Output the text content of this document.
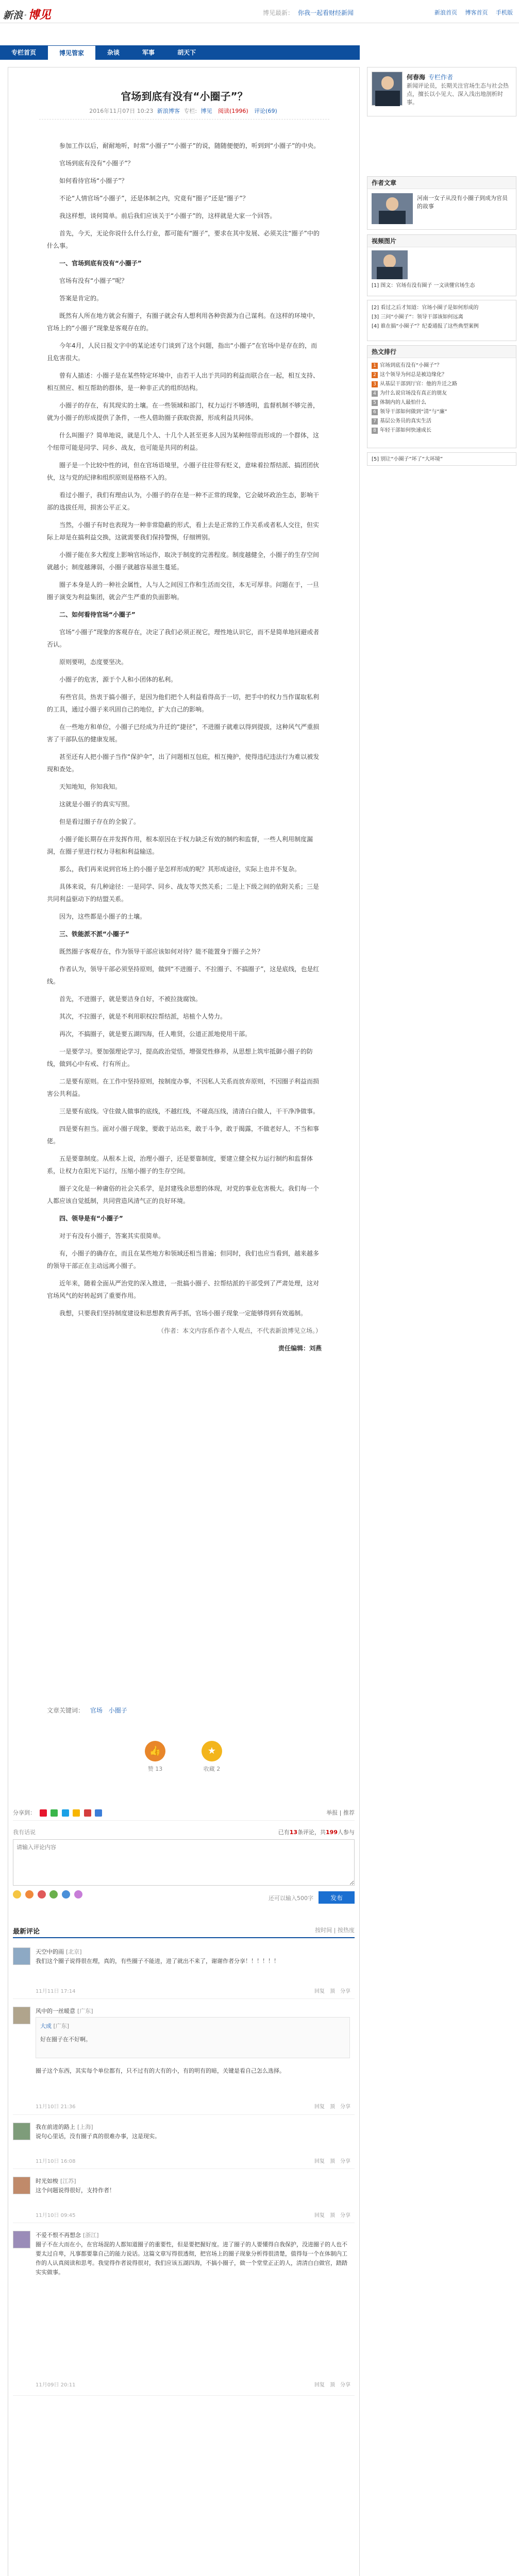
新浪 ·博见	博见最新： 你我一起看财经新闻	新浪首页 博客首页 手机版
专栏首页	博见管家	杂谈	军事	胡天下
官场到底有没有“小圈子”？
2016年11月07日 10:23 新浪博客 专栏: 博见 阅读(1996) 评论(69)

参加工作以后，耐耐地听，时常“小圈子”“小圈子”的说，随随便便的，听到到“小圈子”的中央。

官场到底有没有“小圈子”？

如何看待官场“小圈子”？

不论“人情官场”小圈子”，还是体制之内，究竟有“圈子”还是“圈子”？

我这样想，谈何简单。前后我们应该关于“小圈子”的，这样就是大家一个回答。

首先，今天，无论你说什么什么行业，都可能有“圈子”，要求在其中发展、必须关注“圈子”中的什么事。

一、官场到底有没有“小圈子”

官场有没有“小圈子”呢？

答案是肯定的。

既然有人所在地方就会有圈子，有圈子就会有人想利用各种资源为自己谋利。在这样的环境中，官场上的“小圈子”现象是客观存在的。

今年4月，人民日报文字中的某论述专门谈到了这个问题，指出“小圈子”在官场中是存在的，而且危害很大。

曾有人描述：小圈子是在某些特定环境中，由若干人出于共同的利益而联合在一起，相互支持、相互照应、相互帮助的群体，是一种非正式的组织结构。

小圈子的存在，有其现实的土壤。在一些领域和部门，权力运行不够透明，监督机制不够完善，就为小圈子的形成提供了条件，一些人借助圈子获取资源，形成利益共同体。

什么叫圈子？简单地说，就是几个人、十几个人甚至更多人因为某种纽带而形成的一个群体，这个纽带可能是同学、同乡、战友，也可能是共同的利益。

圈子是一个比较中性的词，但在官场语境里，小圈子往往带有贬义，意味着拉帮结派、搞团团伙伙，这与党的纪律和组织原则是格格不入的。

看过小圈子，我们有理由认为，小圈子的存在是一种不正常的现象，它会破坏政治生态，影响干部的选拔任用，损害公平正义。

当然，小圈子有时也表现为一种非常隐蔽的形式，看上去是正常的工作关系或者私人交往，但实际上却是在搞利益交换，这就需要我们保持警惕，仔细辨别。

小圈子能在多大程度上影响官场运作，取决于制度的完善程度。制度越健全，小圈子的生存空间就越小；制度越薄弱，小圈子就越容易滋生蔓延。

圈子本身是人的一种社会属性，人与人之间因工作和生活而交往，本无可厚非。问题在于，一旦圈子演变为利益集团，就会产生严重的负面影响。

二、如何看待官场“小圈子”

官场“小圈子”现象的客观存在，决定了我们必须正视它，理性地认识它，而不是简单地回避或者否认。

原则要明，态度要坚决。

小圈子的危害，源于个人和小团体的私利。

有些官员，热衷于搞小圈子，是因为他们把个人利益看得高于一切，把手中的权力当作谋取私利的工具，通过小圈子来巩固自己的地位，扩大自己的影响。

在一些地方和单位，小圈子已经成为升迁的“捷径”，不进圈子就难以得到提拔，这种风气严重损害了干部队伍的健康发展。

甚至还有人把小圈子当作“保护伞”，出了问题相互包庇，相互掩护，使得违纪违法行为难以被发现和查处。

天知地知，你知我知。

这就是小圈子的真实写照。

但是看过圈子存在的全貌了。

小圈子能长期存在并发挥作用，根本原因在于权力缺乏有效的制约和监督，一些人利用制度漏洞，在圈子里进行权力寻租和利益输送。

那么，我们再来说到官场上的小圈子是怎样形成的呢？其形成途径，实际上也并不复杂。

具体来说，有几种途径：一是同学、同乡、战友等天然关系；二是上下级之间的依附关系；三是共同利益驱动下的结盟关系。

因为，这些都是小圈子的土壤。

三、铁能派不派“小圈子”

既然圈子客观存在，作为领导干部应该如何对待？能不能置身于圈子之外？

作者认为，领导干部必须坚持原则，做到“不进圈子、不拉圈子、不搞圈子”，这是底线，也是红线。

首先，不进圈子，就是要洁身自好，不被拉拢腐蚀。

其次，不拉圈子，就是不利用职权拉帮结派，培植个人势力。

再次，不搞圈子，就是要五湖四海，任人唯贤，公道正派地使用干部。

一是要学习。要加强理论学习，提高政治觉悟，增强党性修养，从思想上筑牢抵御小圈子的防线，做到心中有戒、行有所止。

二是要有原则。在工作中坚持原则，按制度办事，不因私人关系而放弃原则，不因圈子利益而损害公共利益。

三是要有底线。守住做人做事的底线，不越红线，不碰高压线，清清白白做人，干干净净做事。

四是要有担当。面对小圈子现象，要敢于站出来，敢于斗争，敢于揭露，不做老好人，不当和事佬。

五是要靠制度。从根本上说，治理小圈子，还是要靠制度，要建立健全权力运行制约和监督体系，让权力在阳光下运行，压缩小圈子的生存空间。

圈子文化是一种庸俗的社会关系学，是封建残余思想的体现，对党的事业危害极大。我们每一个人都应该自觉抵制，共同营造风清气正的良好环境。

四、领导是有“小圈子”

对于有没有小圈子，答案其实很简单。

有，小圈子的确存在，而且在某些地方和领域还相当普遍；但同时，我们也应当看到，越来越多的领导干部正在主动远离小圈子。

近年来，随着全面从严治党的深入推进，一批搞小圈子、拉帮结派的干部受到了严肃处理，这对官场风气的好转起到了重要作用。

我想，只要我们坚持制度建设和思想教育两手抓，官场小圈子现象一定能够得到有效遏制。

（作者：本文内容系作者个人观点，不代表新浪博见立场。）

责任编辑：刘燕

文章关键词： 官场 小圈子
👍
赞 13
★
收藏 2
分享到：	举报 | 推荐
我有话说	已有13条评论，共199人参与
请输入评论内容

还可以输入500字	发布
最新评论	按时间 | 按热度
天空中的雨 [北京]
我们这个圈子说得很在理，真的，有些圈子不能进，进了就出不来了，谢谢作者分享！！！！！！
11月11日 17:14	回复 顶 分享
风中的一丝暖意 [广东]
大成 [广东]
好在圈子在不好啊。
圈子这个东西，其实每个单位都有，只不过有的大有的小，有的明有的暗，关键是看自己怎么选择。
11月10日 21:36	回复 顶 分享
我在前进的路上 [上海]
说句心里话，没有圈子真的很难办事，这是现实。
11月10日 16:08	回复 顶 分享
时光如梭 [江苏]
这个问题说得很好，支持作者！
11月10日 09:45	回复 顶 分享
不爱不恨不再想念 [浙江]
圈子不在大而在小，在官场混的人都知道圈子的重要性，但是要把握好度。进了圈子的人要懂得自我保护，没进圈子的人也不要太过自卑，凡事都要靠自己的能力说话。这篇文章写得很透彻，把官场上的圈子现象分析得很清楚，值得每一个在体制内工作的人认真阅读和思考。我觉得作者说得很对，我们应该五湖四海，不搞小圈子，做一个堂堂正正的人，清清白白做官，踏踏实实做事。
11月09日 20:11	回复 顶 分享
何春海 专栏作者
新闻评论员，长期关注官场生态与社会热点，擅长以小见大、深入浅出地剖析时事。
作者文章
河南一女子从没有小圈子到成为官员的故事
视频图片
[1] 图文：官场有没有圈子 一文读懂官场生态
[2] 看过之后才知道：官场小圈子是如何形成的
[3] 三问“小圈子”：领导干部该如何远离
[4] 谁在搞“小圈子”？纪委通报了这些典型案例
热文排行
1 官场到底有没有“小圈子”？
2 这个领导为何总是被边缘化？
3 从基层干部到厅官：他的升迁之路
4 为什么说官场没有真正的朋友
5 体制内的人最怕什么
6 领导干部如何做到“清”与“廉”
7 基层公务员的真实生活
8 年轻干部如何快速成长
[5] 别让“小圈子”坏了“大环境”
